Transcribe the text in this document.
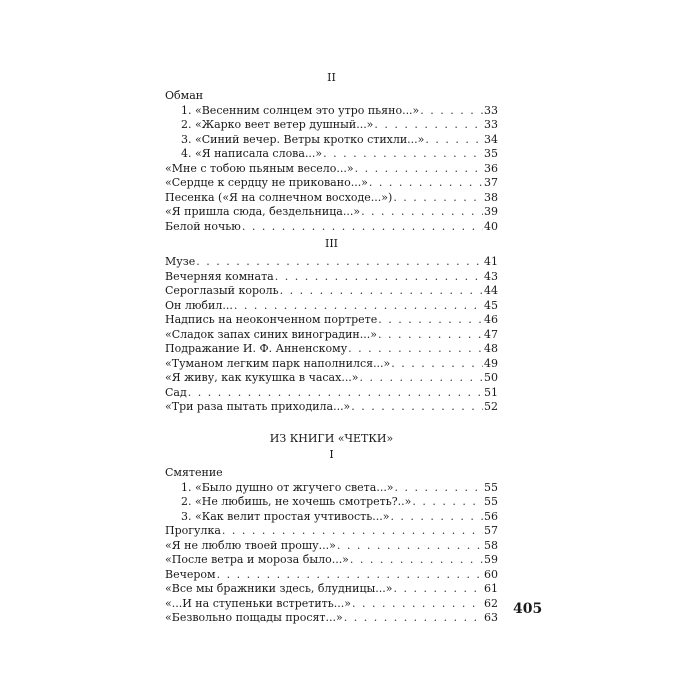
II
Обман
1. «Весенним солнцем это утро пьяно...» . . .	33
2. «Жарко веет ветер душный...» . . .	33
3. «Синий вечер. Ветры кротко стихли...» . . .	34
4. «Я написала слова...» . . .	35
«Мне с тобою пьяным весело...» . . .	36
«Сердце к сердцу не приковано...» . . .	37
Песенка («Я на солнечном восходе...») . . .	38
«Я пришла сюда, бездельница...» . . .	39
Белой ночью . . .	40
III
Музе . . .	41
Вечерняя комната . . .	43
Сероглазый король . . .	44
Он любил... . . .	45
Надпись на неоконченном портрете . . .	46
«Сладок запах синих виноградин...» . . .	47
Подражание И. Ф. Анненскому . . .	48
«Туманом легким парк наполнился...» . . .	49
«Я живу, как кукушка в часах...» . . .	50
Сад . . .	51
«Три раза пытать приходила...» . . .	52
ИЗ КНИГИ «ЧЕТКИ»
I
Смятение
1. «Было душно от жгучего света...» . . .	55
2. «Не любишь, не хочешь смотреть?..» . . .	55
3. «Как велит простая учтивость...» . . .	56
Прогулка . . .	57
«Я не люблю твоей прошу...» . . .	58
«После ветра и мороза было...» . . .	59
Вечером . . .	60
«Все мы бражники здесь, блудницы...» . . .	61
«...И на ступеньки встретить...» . . .	62
«Безвольно пощады просят...» . . .	63
405
